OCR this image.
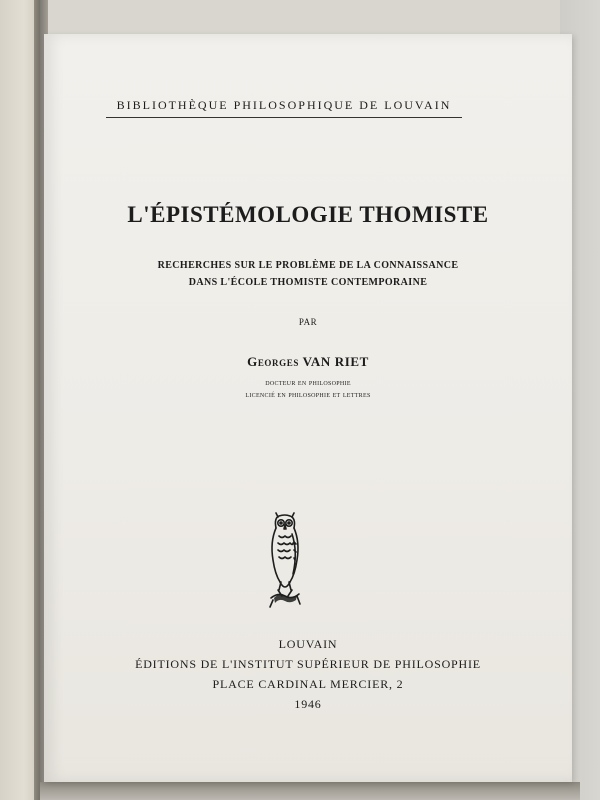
BIBLIOTHÈQUE PHILOSOPHIQUE DE LOUVAIN
L'ÉPISTÉMOLOGIE THOMISTE
RECHERCHES SUR LE PROBLÈME DE LA CONNAISSANCE
DANS L'ÉCOLE THOMISTE CONTEMPORAINE
PAR
Georges VAN RIET
docteur en philosophie
licencié en philosophie et lettres
LOUVAIN
ÉDITIONS DE L'INSTITUT SUPÉRIEUR DE PHILOSOPHIE
PLACE CARDINAL MERCIER, 2
1946
